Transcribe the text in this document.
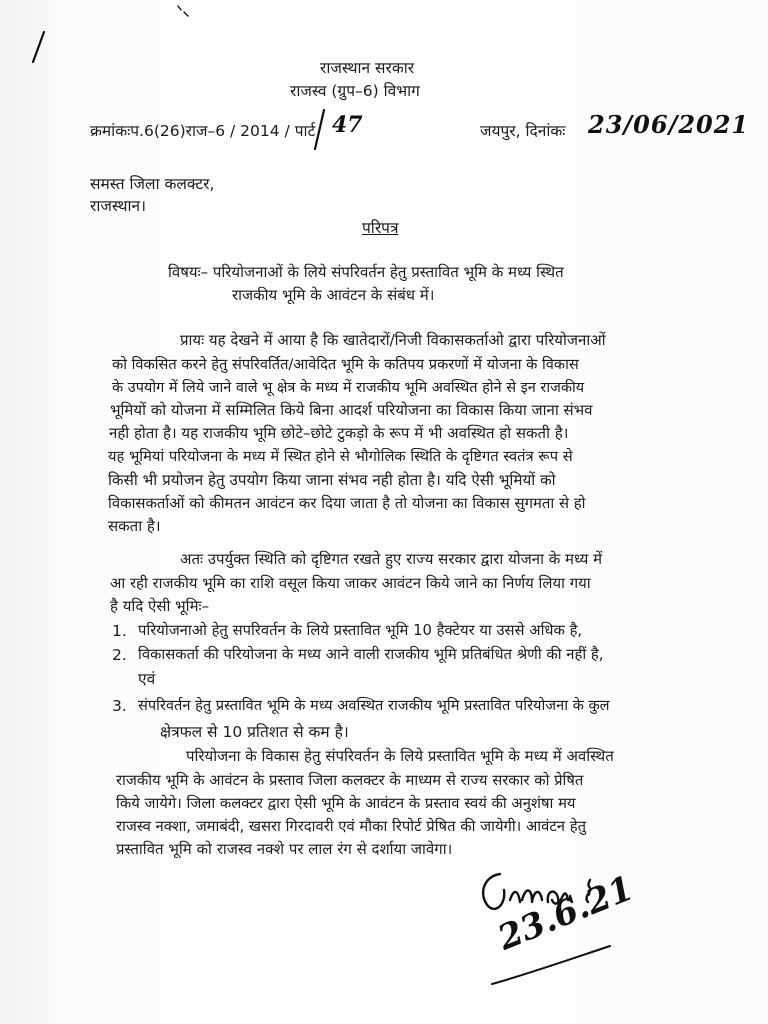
राजस्थान सरकार
राजस्व (ग्रुप–6) विभाग
क्रमांकःप.6(26)राज–6 / 2014 / पार्ट 47	जयपुर, दिनांकः 23/06/2021
समस्त जिला कलक्टर,
राजस्थान।
परिपत्र
विषयः– परियोजनाओं के लिये संपरिवर्तन हेतु प्रस्तावित भूमि के मध्य स्थित
राजकीय भूमि के आवंटन के संबंध में।
प्रायः यह देखने में आया है कि खातेदारों/निजी विकासकर्ताओ द्वारा परियोजनाओं
को विकसित करने हेतु संपरिवर्तित/आवेदित भूमि के कतिपय प्रकरणों में योजना के विकास
के उपयोग में लिये जाने वाले भू क्षेत्र के मध्य में राजकीय भूमि अवस्थित होने से इन राजकीय
भूमियों को योजना में सम्मिलित किये बिना आदर्श परियोजना का विकास किया जाना संभव
नही होता है। यह राजकीय भूमि छोटे–छोटे टुकड़ो के रूप में भी अवस्थित हो सकती है।
यह भूमियां परियोजना के मध्य में स्थित होने से भौगोलिक स्थिति के दृष्टिगत स्वतंत्र रूप से
किसी भी प्रयोजन हेतु उपयोग किया जाना संभव नही होता है। यदि ऐसी भूमियों को
विकासकर्ताओं को कीमतन आवंटन कर दिया जाता है तो योजना का विकास सुगमता से हो
सकता है।
अतः उपर्युक्त स्थिति को दृष्टिगत रखते हुए राज्य सरकार द्वारा योजना के मध्य में
आ रही राजकीय भूमि का राशि वसूल किया जाकर आवंटन किये जाने का निर्णय लिया गया
है यदि ऐसी भूमिः–
1. परियोजनाओ हेतु सपरिवर्तन के लिये प्रस्तावित भूमि 10 हैक्टेयर या उससे अधिक है,
2. विकासकर्ता की परियोजना के मध्य आने वाली राजकीय भूमि प्रतिबंधित श्रेणी की नहीं है,
एवं
3. संपरिवर्तन हेतु प्रस्तावित भूमि के मध्य अवस्थित राजकीय भूमि प्रस्तावित परियोजना के कुल
क्षेत्रफल से 10 प्रतिशत से कम है।
परियोजना के विकास हेतु संपरिवर्तन के लिये प्रस्तावित भूमि के मध्य में अवस्थित
राजकीय भूमि के आवंटन के प्रस्ताव जिला कलक्टर के माध्यम से राज्य सरकार को प्रेषित
किये जायेगे। जिला कलक्टर द्वारा ऐसी भूमि के आवंटन के प्रस्ताव स्वयं की अनुशंषा मय
राजस्व नक्शा, जमाबंदी, खसरा गिरदावरी एवं मौका रिपोर्ट प्रेषित की जायेगी। आवंटन हेतु
प्रस्तावित भूमि को राजस्व नक्शे पर लाल रंग से दर्शाया जावेगा।
23.6.21
